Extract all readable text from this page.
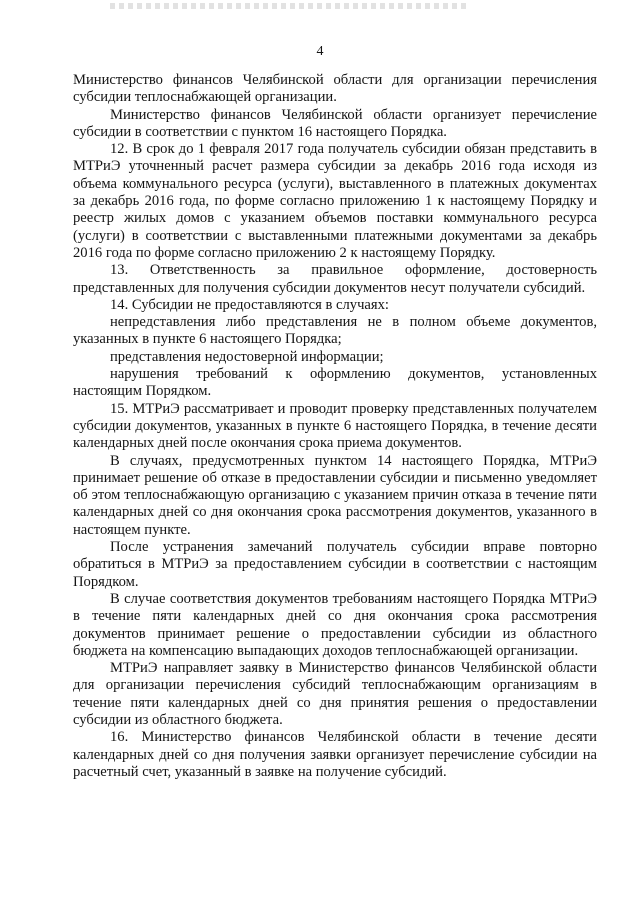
4

Министерство финансов Челябинской области для организации перечисления субсидии теплоснабжающей организации.

Министерство финансов Челябинской области организует перечисление субсидии в соответствии с пунктом 16 настоящего Порядка.

12. В срок до 1 февраля 2017 года получатель субсидии обязан представить в МТРиЭ уточненный расчет размера субсидии за декабрь 2016 года исходя из объема коммунального ресурса (услуги), выставленного в платежных документах за декабрь 2016 года, по форме согласно приложению 1 к настоящему Порядку и реестр жилых домов с указанием объемов поставки коммунального ресурса (услуги) в соответствии с выставленными платежными документами за декабрь 2016 года по форме согласно приложению 2 к настоящему Порядку.

13. Ответственность за правильное оформление, достоверность представленных для получения субсидии документов несут получатели субсидий.

14. Субсидии не предоставляются в случаях:

непредставления либо представления не в полном объеме документов, указанных в пункте 6 настоящего Порядка;

представления недостоверной информации;

нарушения требований к оформлению документов, установленных настоящим Порядком.

15. МТРиЭ рассматривает и проводит проверку представленных получателем субсидии документов, указанных в пункте 6 настоящего Порядка, в течение десяти календарных дней после окончания срока приема документов.

В случаях, предусмотренных пунктом 14 настоящего Порядка, МТРиЭ принимает решение об отказе в предоставлении субсидии и письменно уведомляет об этом теплоснабжающую организацию с указанием причин отказа в течение пяти календарных дней со дня окончания срока рассмотрения документов, указанного в настоящем пункте.

После устранения замечаний получатель субсидии вправе повторно обратиться в МТРиЭ за предоставлением субсидии в соответствии с настоящим Порядком.

В случае соответствия документов требованиям настоящего Порядка МТРиЭ в течение пяти календарных дней со дня окончания срока рассмотрения документов принимает решение о предоставлении субсидии из областного бюджета на компенсацию выпадающих доходов теплоснабжающей организации.

МТРиЭ направляет заявку в Министерство финансов Челябинской области для организации перечисления субсидий теплоснабжающим организациям в течение пяти календарных дней со дня принятия решения о предоставлении субсидии из областного бюджета.

16. Министерство финансов Челябинской области в течение десяти календарных дней со дня получения заявки организует перечисление субсидии на расчетный счет, указанный в заявке на получение субсидий.
